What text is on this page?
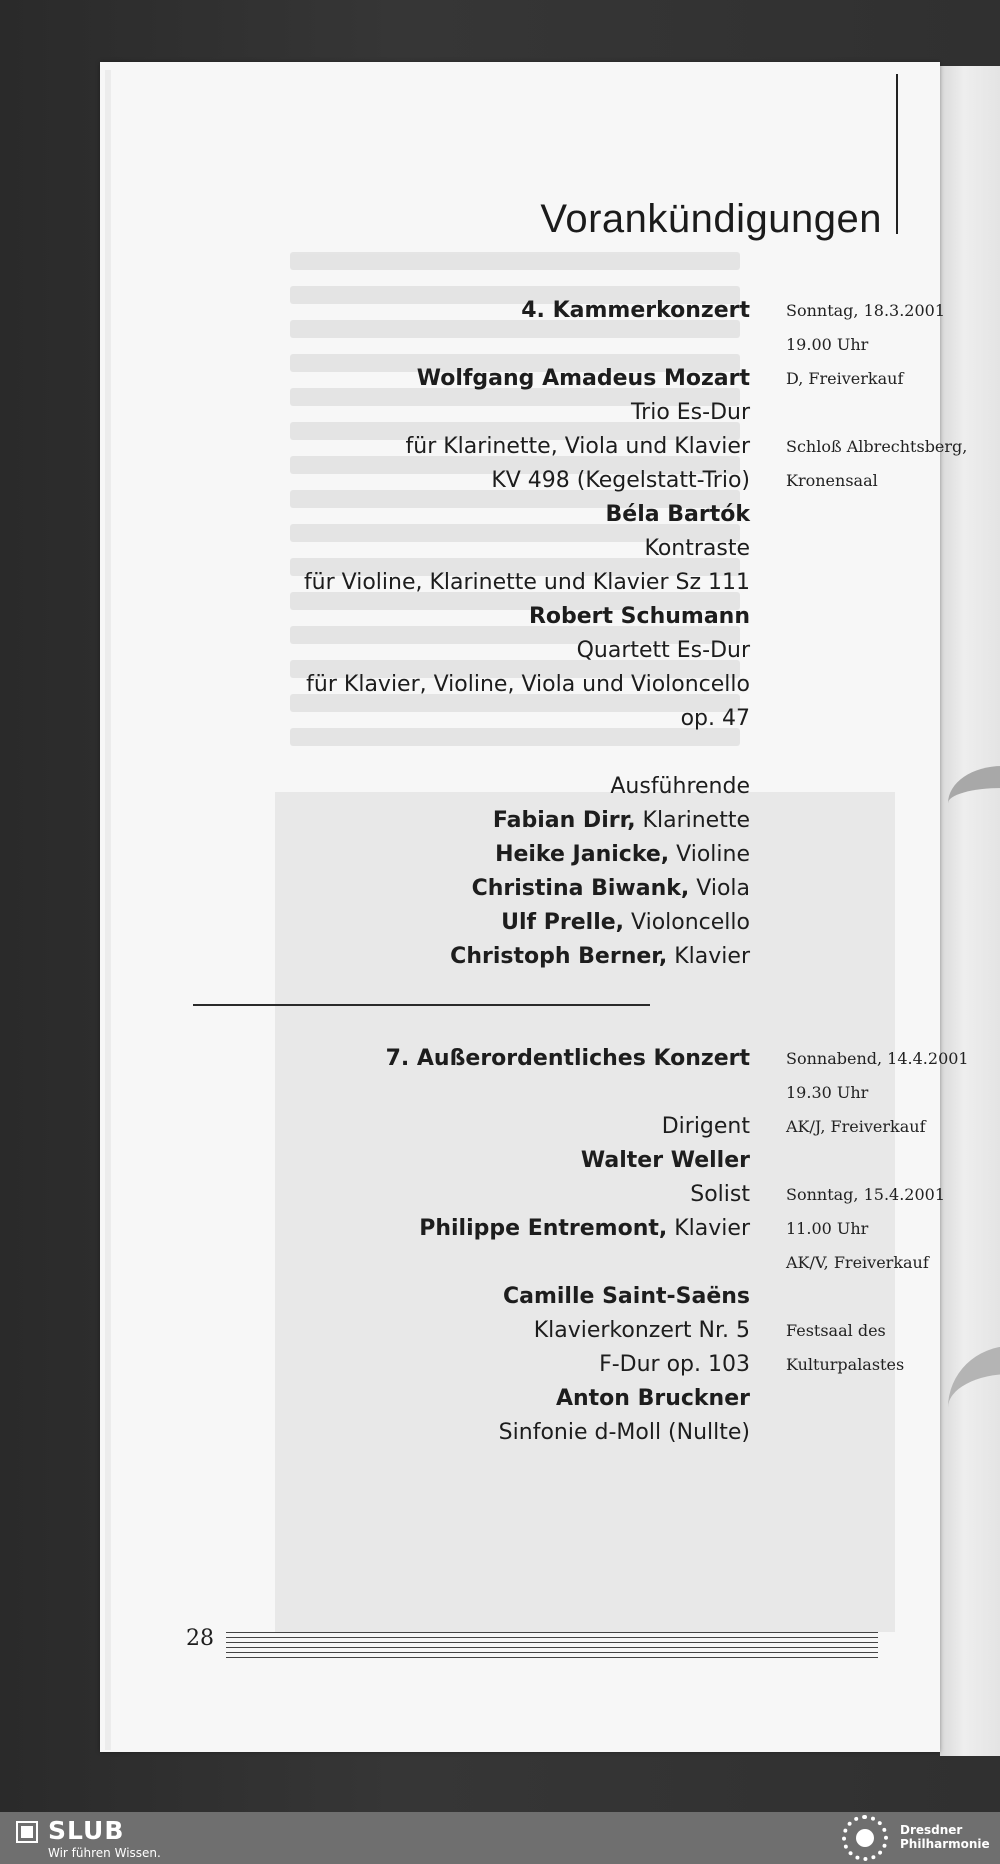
Vorankündigungen
4. Kammerkonzert
Wolfgang Amadeus Mozart
Trio Es-Dur
für Klarinette, Viola und Klavier
KV 498 (Kegelstatt-Trio)
Béla Bartók
Kontraste
für Violine, Klarinette und Klavier Sz 111
Robert Schumann
Quartett Es-Dur
für Klavier, Violine, Viola und Violoncello
op. 47
Ausführende
Fabian Dirr, Klarinette
Heike Janicke, Violine
Christina Biwank, Viola
Ulf Prelle, Violoncello
Christoph Berner, Klavier
Sonntag, 18.3.2001
19.00 Uhr
D, Freiverkauf
Schloß Albrechtsberg,
Kronensaal
7. Außerordentliches Konzert
Dirigent
Walter Weller
Solist
Philippe Entremont, Klavier
Camille Saint-Saëns
Klavierkonzert Nr. 5
F-Dur op. 103
Anton Bruckner
Sinfonie d-Moll (Nullte)
Sonnabend, 14.4.2001
19.30 Uhr
AK/J, Freiverkauf
Sonntag, 15.4.2001
11.00 Uhr
AK/V, Freiverkauf
Festsaal des
Kulturpalastes
28
SLUB
Wir führen Wissen.
Dresdner
Philharmonie
